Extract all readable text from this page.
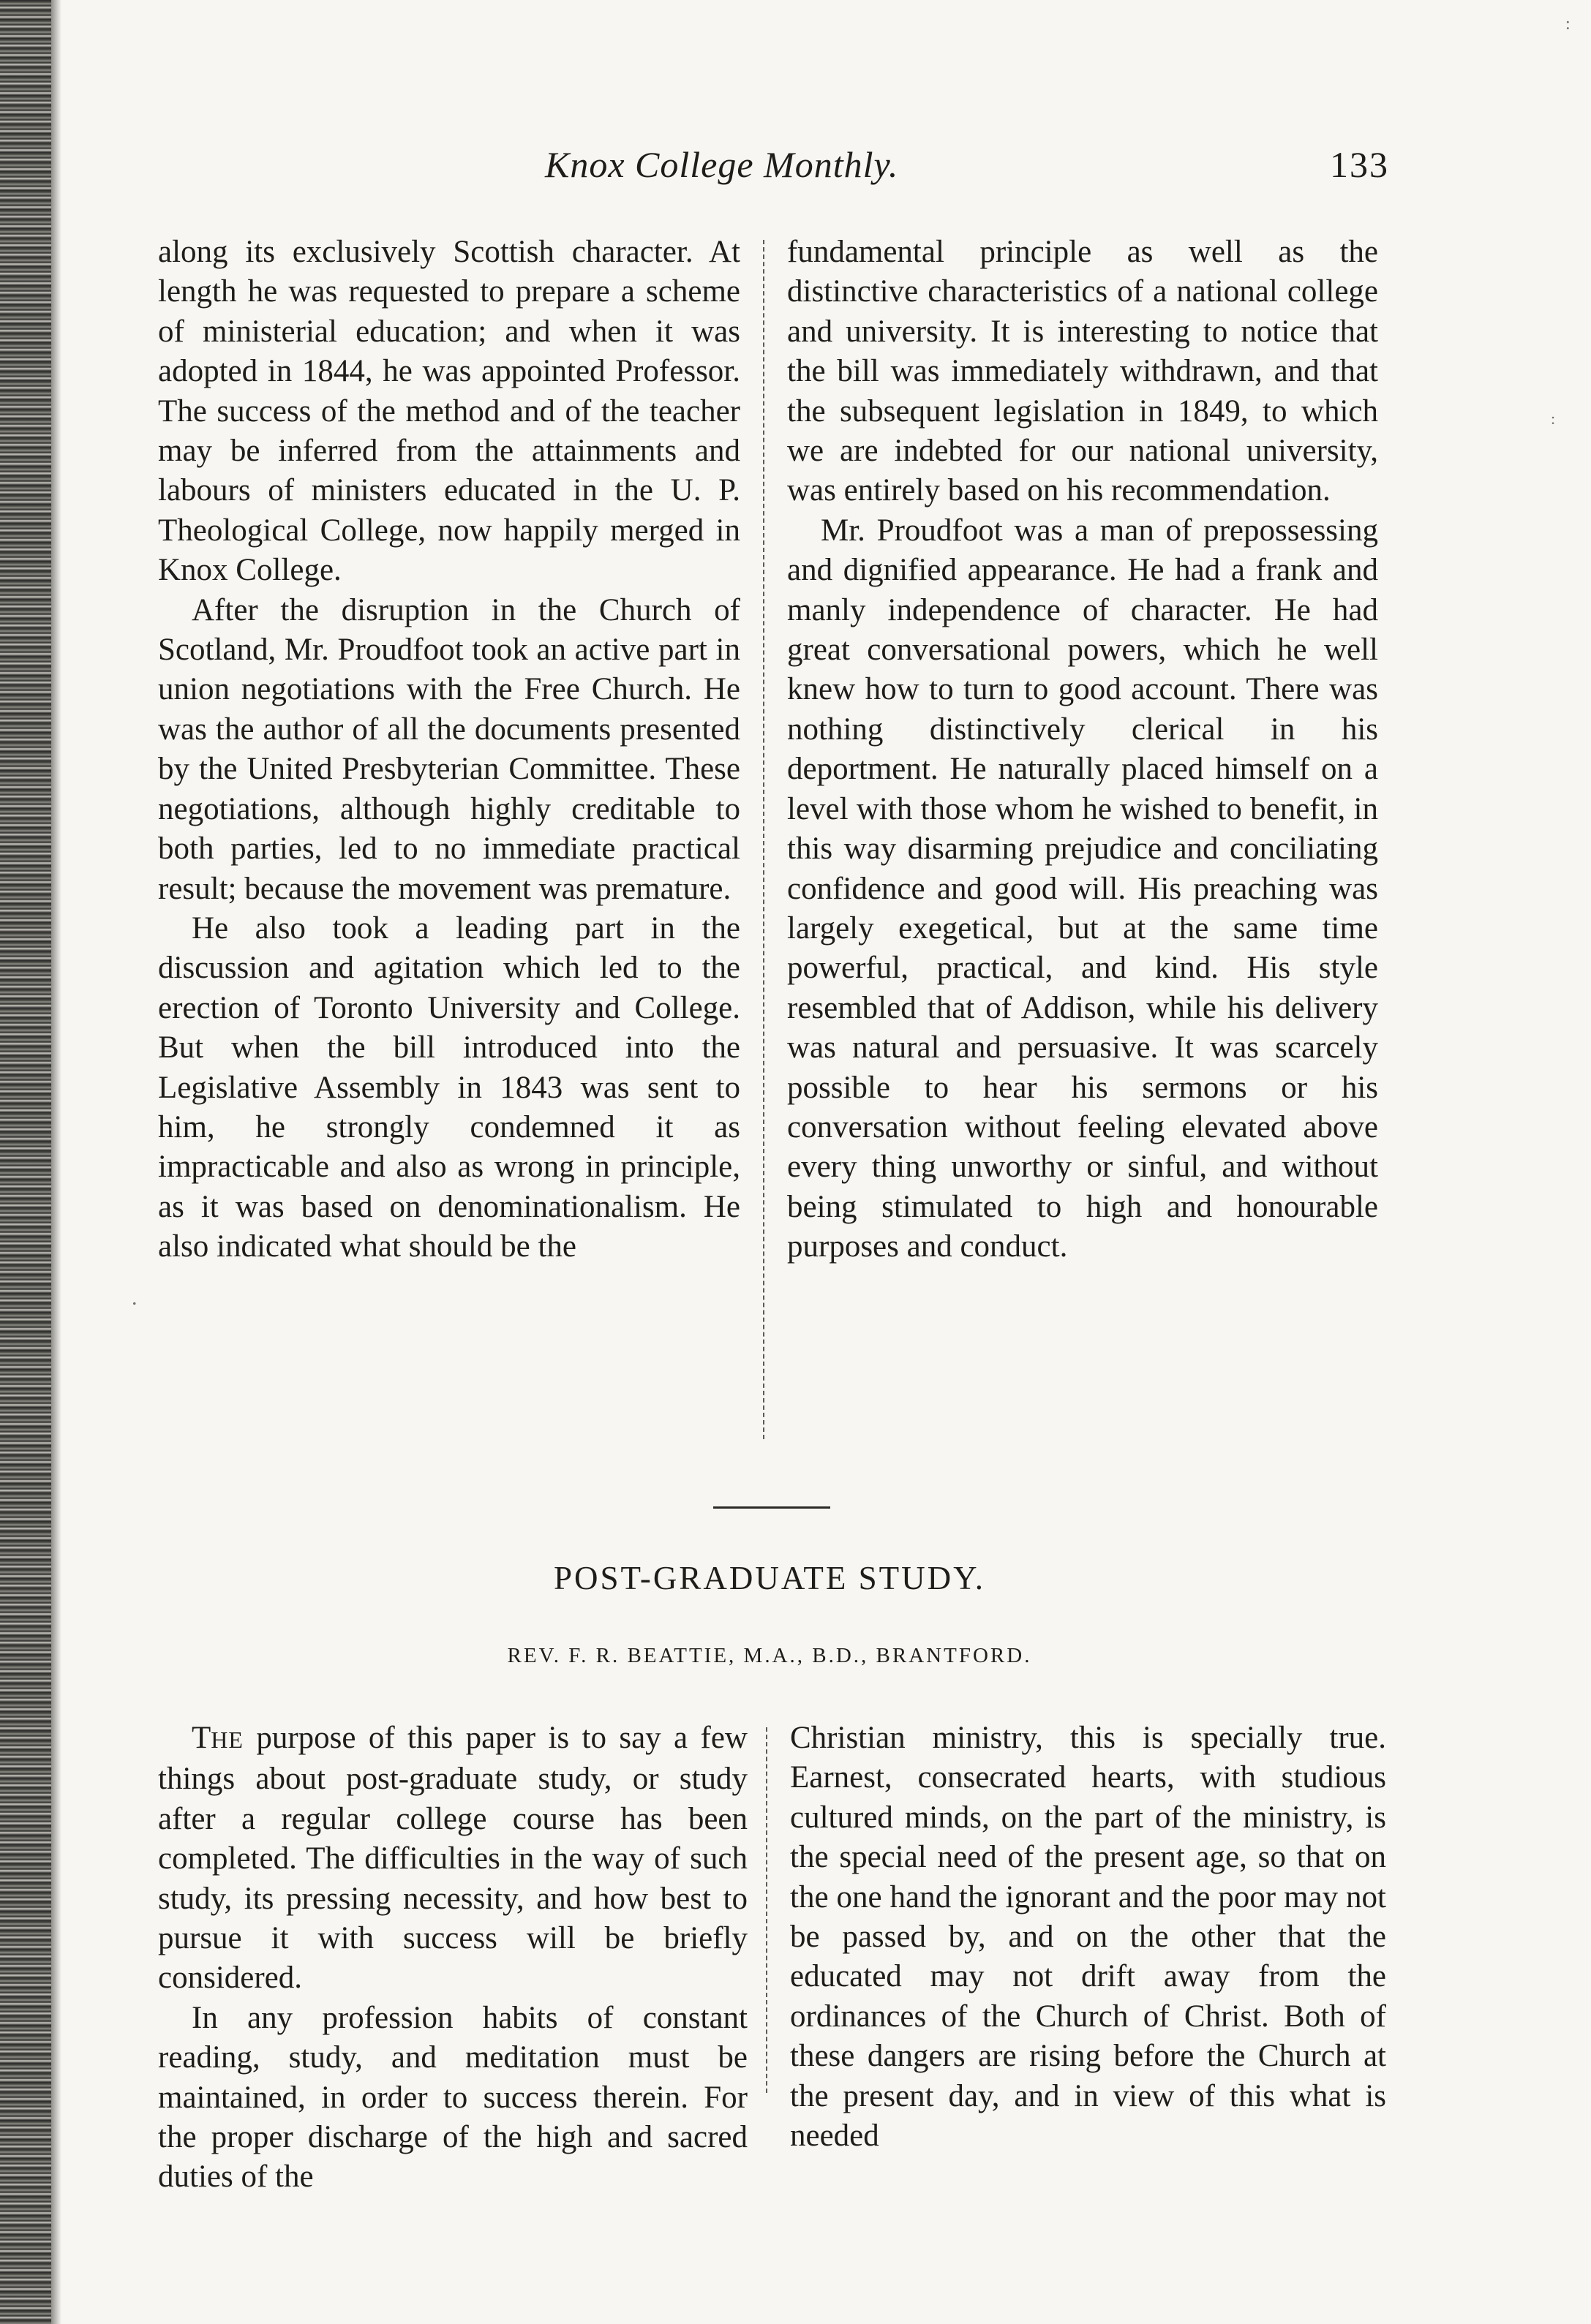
Knox College Monthly.	133

along its exclusively Scottish character. At length he was requested to prepare a scheme of ministerial education; and when it was adopted in 1844, he was appointed Professor. The success of the method and of the teacher may be inferred from the attainments and labours of ministers educated in the U. P. Theological College, now happily merged in Knox College.

After the disruption in the Church of Scotland, Mr. Proudfoot took an active part in union negotiations with the Free Church. He was the author of all the documents presented by the United Presbyterian Committee. These negotiations, although highly creditable to both parties, led to no immediate practical result; because the movement was premature.

He also took a leading part in the discussion and agitation which led to the erection of Toronto University and College. But when the bill introduced into the Legislative Assembly in 1843 was sent to him, he strongly condemned it as impracticable and also as wrong in principle, as it was based on denominationalism. He also indicated what should be the

fundamental principle as well as the distinctive characteristics of a national college and university. It is interesting to notice that the bill was immediately withdrawn, and that the subsequent legislation in 1849, to which we are indebted for our national university, was entirely based on his recommendation.

Mr. Proudfoot was a man of prepossessing and dignified appearance. He had a frank and manly independence of character. He had great conversational powers, which he well knew how to turn to good account. There was nothing distinctively clerical in his deportment. He naturally placed himself on a level with those whom he wished to benefit, in this way disarming prejudice and conciliating confidence and good will. His preaching was largely exegetical, but at the same time powerful, practical, and kind. His style resembled that of Addison, while his delivery was natural and persuasive. It was scarcely possible to hear his sermons or his conversation without feeling elevated above every thing unworthy or sinful, and without being stimulated to high and honourable purposes and conduct.

POST-GRADUATE STUDY.
REV. F. R. BEATTIE, M.A., B.D., BRANTFORD.

THE purpose of this paper is to say a few things about post-graduate study, or study after a regular college course has been completed. The difficulties in the way of such study, its pressing necessity, and how best to pursue it with success will be briefly considered.

In any profession habits of constant reading, study, and meditation must be maintained, in order to success therein. For the proper discharge of the high and sacred duties of the

Christian ministry, this is specially true. Earnest, consecrated hearts, with studious cultured minds, on the part of the ministry, is the special need of the present age, so that on the one hand the ignorant and the poor may not be passed by, and on the other that the educated may not drift away from the ordinances of the Church of Christ. Both of these dangers are rising before the Church at the present day, and in view of this what is needed

.
:
:
